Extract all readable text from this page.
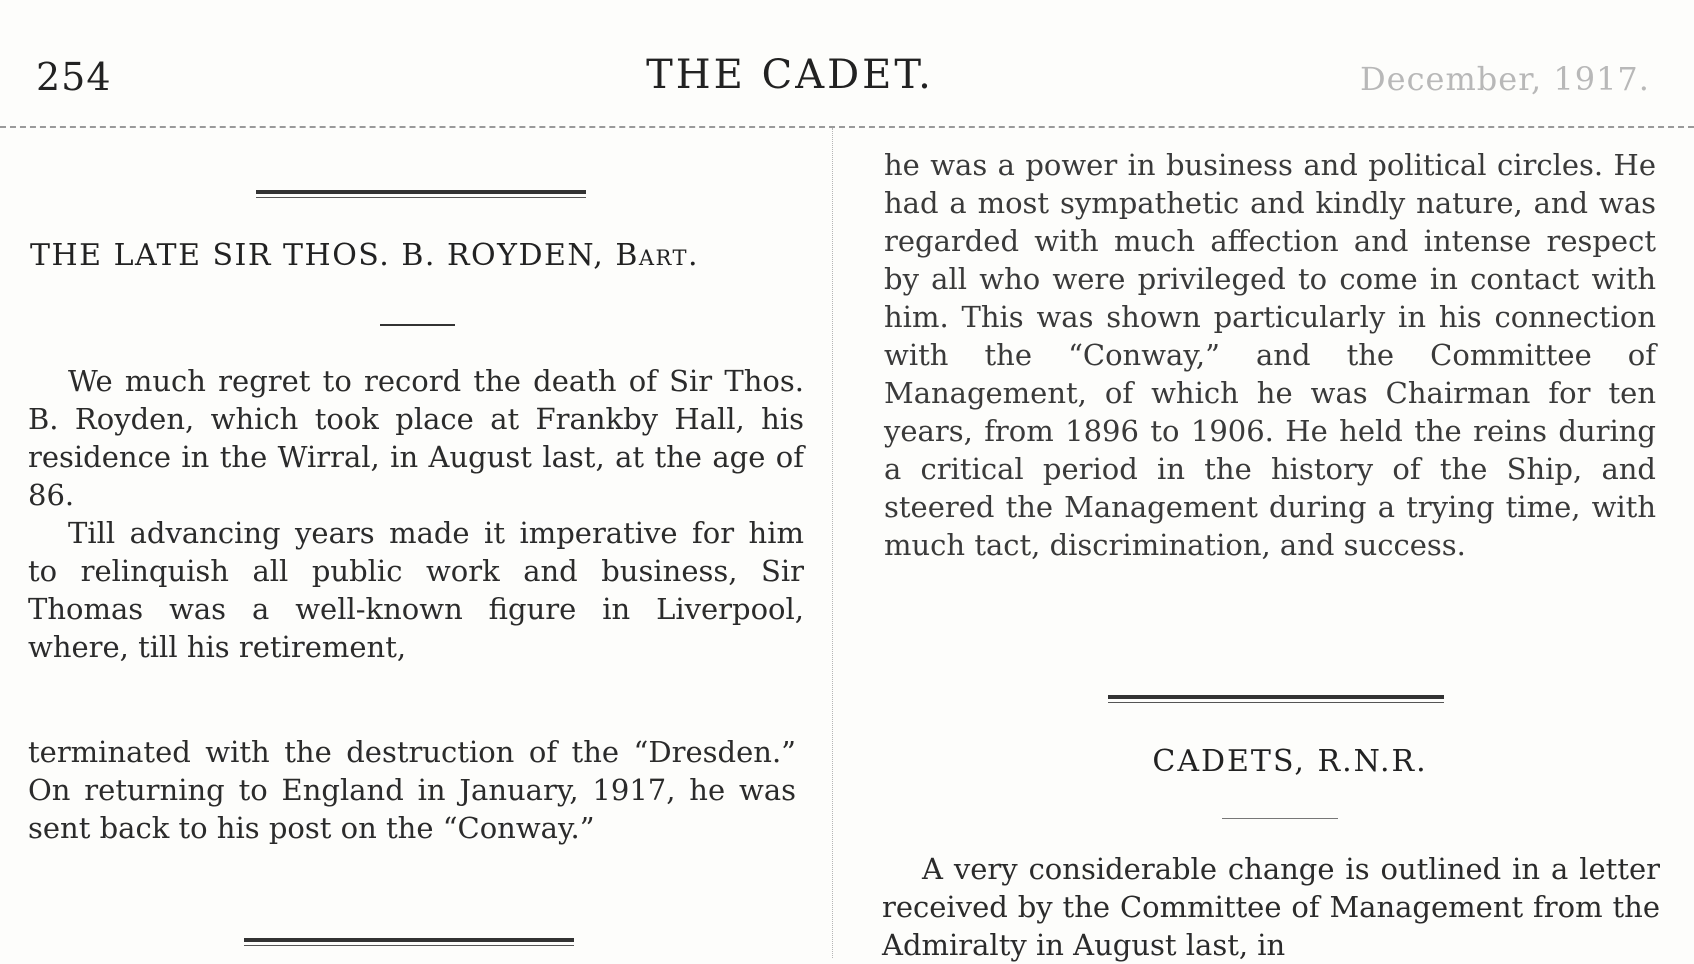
254	THE CADET.	December, 1917.
THE LATE SIR THOS. B. ROYDEN, Bart.
We much regret to record the death of Sir Thos. B. Royden, which took place at Frankby Hall, his residence in the Wirral, in August last, at the age of 86.
Till advancing years made it imperative for him to relinquish all public work and business, Sir Thomas was a well-known figure in Liverpool, where, till his retirement,
terminated with the destruction of the “Dresden.” On returning to England in January, 1917, he was sent back to his post on the “Conway.”
he was a power in business and political circles. He had a most sympathetic and kindly nature, and was regarded with much affection and intense respect by all who were privileged to come in contact with him. This was shown particularly in his connection with the “Conway,” and the Committee of Management, of which he was Chairman for ten years, from 1896 to 1906. He held the reins during a critical period in the history of the Ship, and steered the Management during a trying time, with much tact, discrimination, and success.
CADETS, R.N.R.
A very considerable change is outlined in a letter received by the Committee of Management from the Admiralty in August last, in
